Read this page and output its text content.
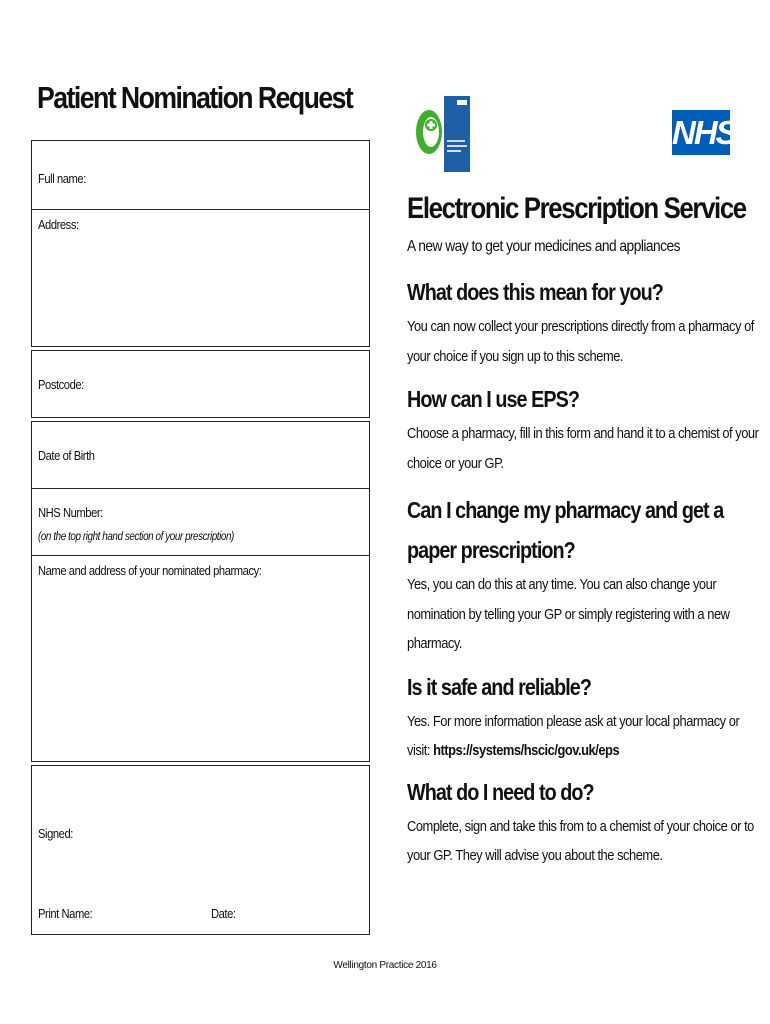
Patient Nomination Request
Full name:
Address:
Postcode:
Date of Birth
NHS Number:
(on the top right hand section of your prescription)
Name and address of your nominated pharmacy:
Signed:
Print Name:	Date:
NHS
Electronic Prescription Service

A new way to get your medicines and appliances

What does this mean for you?

You can now collect your prescriptions directly from a pharmacy of your choice if you sign up to this scheme.

How can I use EPS?

Choose a pharmacy, fill in this form and hand it to a chemist of your choice or your GP.

Can I change my pharmacy and get a paper prescription?

Yes, you can do this at any time. You can also change your nomination by telling your GP or simply registering with a new pharmacy.

Is it safe and reliable?

Yes. For more information please ask at your local pharmacy or visit: https://systems/hscic/gov.uk/eps

What do I need to do?

Complete, sign and take this from to a chemist of your choice or to your GP. They will advise you about the scheme.

Wellington Practice 2016
